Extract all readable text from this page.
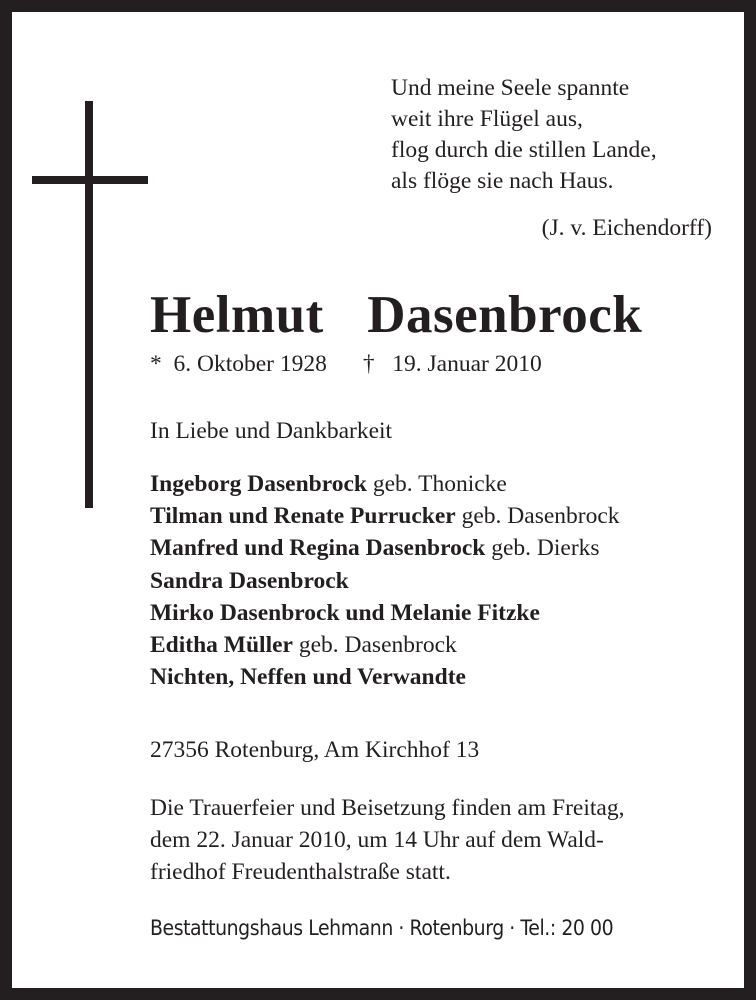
Und meine Seele spannte
weit ihre Flügel aus,
flog durch die stillen Lande,
als flöge sie nach Haus.
(J. v. Eichendorff)
Helmut  Dasenbrock
* 6. Oktober 1928 † 19. Januar 2010
In Liebe und Dankbarkeit
Ingeborg Dasenbrock geb. Thonicke
Tilman und Renate Purrucker geb. Dasenbrock
Manfred und Regina Dasenbrock geb. Dierks
Sandra Dasenbrock
Mirko Dasenbrock und Melanie Fitzke
Editha Müller geb. Dasenbrock
Nichten, Neffen und Verwandte
27356 Rotenburg, Am Kirchhof 13
Die Trauerfeier und Beisetzung finden am Freitag,
dem 22. Januar 2010, um 14 Uhr auf dem Wald-
friedhof Freudenthalstraße statt.
Bestattungshaus Lehmann · Rotenburg · Tel.: 20 00
